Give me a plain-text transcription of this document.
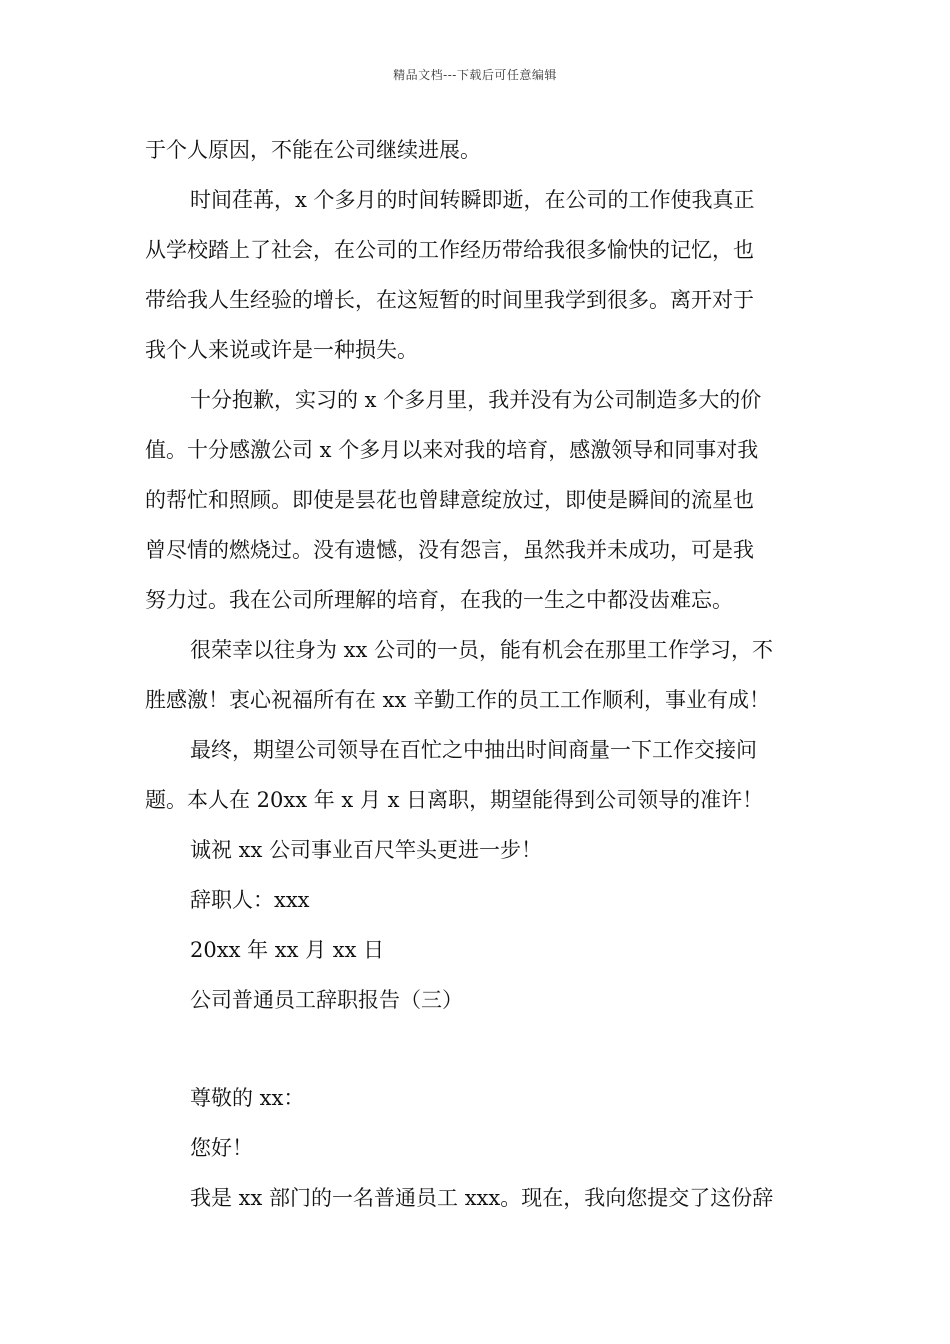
精品文档---下载后可任意编辑
于个人原因，不能在公司继续进展。
时间荏苒，x 个多月的时间转瞬即逝，在公司的工作使我真正
从学校踏上了社会，在公司的工作经历带给我很多愉快的记忆，也
带给我人生经验的增长，在这短暂的时间里我学到很多。离开对于
我个人来说或许是一种损失。
十分抱歉，实习的 x 个多月里，我并没有为公司制造多大的价
值。十分感激公司 x 个多月以来对我的培育，感激领导和同事对我
的帮忙和照顾。即使是昙花也曾肆意绽放过，即使是瞬间的流星也
曾尽情的燃烧过。没有遗憾，没有怨言，虽然我并未成功，可是我
努力过。我在公司所理解的培育，在我的一生之中都没齿难忘。
很荣幸以往身为 xx 公司的一员，能有机会在那里工作学习，不
胜感激！衷心祝福所有在 xx 辛勤工作的员工工作顺利，事业有成！
最终，期望公司领导在百忙之中抽出时间商量一下工作交接问
题。本人在 20xx 年 x 月 x 日离职，期望能得到公司领导的准许！
诚祝 xx 公司事业百尺竿头更进一步！
辞职人：xxx
20xx 年 xx 月 xx 日
公司普通员工辞职报告（三）
尊敬的 xx：
您好！
我是 xx 部门的一名普通员工 xxx。现在，我向您提交了这份辞
